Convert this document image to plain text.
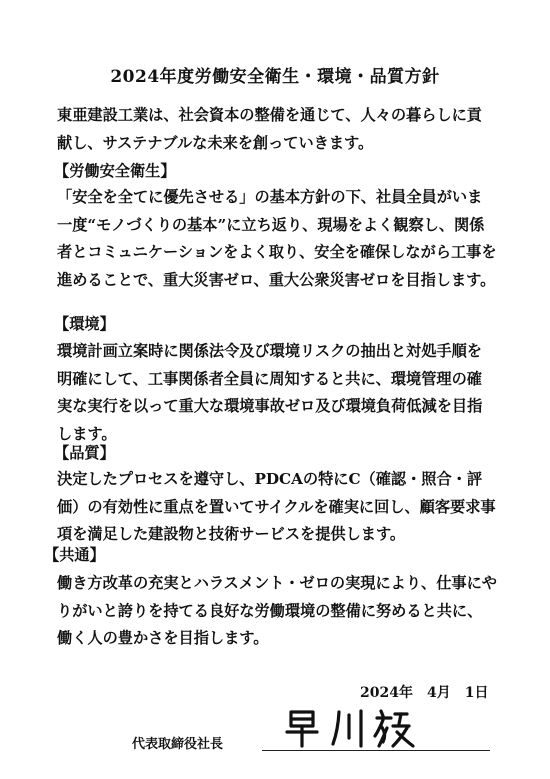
2024年度労働安全衛生・環境・品質方針

東亜建設工業は、社会資本の整備を通じて、人々の暮らしに貢献し、サステナブルな未来を創っていきます。

【労働安全衛生】

「安全を全てに優先させる」の基本方針の下、社員全員がいま一度“モノづくりの基本”に立ち返り、現場をよく観察し、関係者とコミュニケーションをよく取り、安全を確保しながら工事を進めることで、重大災害ゼロ、重大公衆災害ゼロを目指します。

【環境】

環境計画立案時に関係法令及び環境リスクの抽出と対処手順を明確にして、工事関係者全員に周知すると共に、環境管理の確実な実行を以って重大な環境事故ゼロ及び環境負荷低減を目指します。

【品質】

決定したプロセスを遵守し、PDCAの特にC（確認・照合・評価）の有効性に重点を置いてサイクルを確実に回し、顧客要求事項を満足した建設物と技術サービスを提供します。

【共通】

働き方改革の充実とハラスメント・ゼロの実現により、仕事にやりがいと誇りを持てる良好な労働環境の整備に努めると共に、働く人の豊かさを目指します。

2024年　4月　1日
代表取締役社長
